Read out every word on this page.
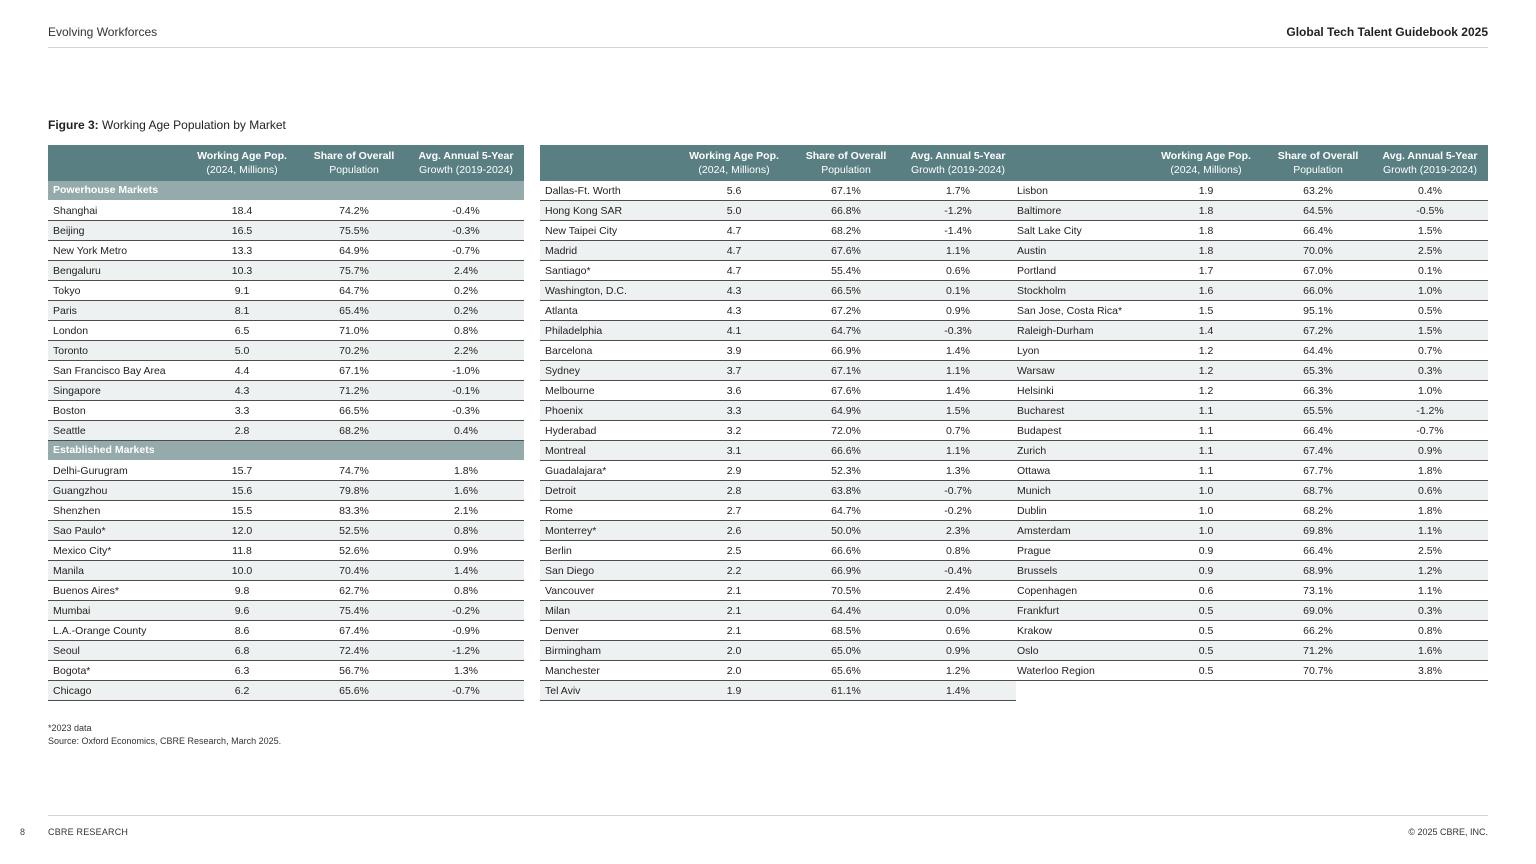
Evolving Workforces	Global Tech Talent Guidebook 2025
Figure 3: Working Age Population by Market
Working Age Pop.
(2024, Millions)
Share of Overall
Population
Avg. Annual 5-Year
Growth (2019-2024)
Powerhouse Markets
Shanghai	18.4	74.2%	-0.4%
Beijing	16.5	75.5%	-0.3%
New York Metro	13.3	64.9%	-0.7%
Bengaluru	10.3	75.7%	2.4%
Tokyo	9.1	64.7%	0.2%
Paris	8.1	65.4%	0.2%
London	6.5	71.0%	0.8%
Toronto	5.0	70.2%	2.2%
San Francisco Bay Area	4.4	67.1%	-1.0%
Singapore	4.3	71.2%	-0.1%
Boston	3.3	66.5%	-0.3%
Seattle	2.8	68.2%	0.4%
Established Markets
Delhi-Gurugram	15.7	74.7%	1.8%
Guangzhou	15.6	79.8%	1.6%
Shenzhen	15.5	83.3%	2.1%
Sao Paulo*	12.0	52.5%	0.8%
Mexico City*	11.8	52.6%	0.9%
Manila	10.0	70.4%	1.4%
Buenos Aires*	9.8	62.7%	0.8%
Mumbai	9.6	75.4%	-0.2%
L.A.-Orange County	8.6	67.4%	-0.9%
Seoul	6.8	72.4%	-1.2%
Bogota*	6.3	56.7%	1.3%
Chicago	6.2	65.6%	-0.7%
Working Age Pop.
(2024, Millions)
Share of Overall
Population
Avg. Annual 5-Year
Growth (2019-2024)
Dallas-Ft. Worth	5.6	67.1%	1.7%
Hong Kong SAR	5.0	66.8%	-1.2%
New Taipei City	4.7	68.2%	-1.4%
Madrid	4.7	67.6%	1.1%
Santiago*	4.7	55.4%	0.6%
Washington, D.C.	4.3	66.5%	0.1%
Atlanta	4.3	67.2%	0.9%
Philadelphia	4.1	64.7%	-0.3%
Barcelona	3.9	66.9%	1.4%
Sydney	3.7	67.1%	1.1%
Melbourne	3.6	67.6%	1.4%
Phoenix	3.3	64.9%	1.5%
Hyderabad	3.2	72.0%	0.7%
Montreal	3.1	66.6%	1.1%
Guadalajara*	2.9	52.3%	1.3%
Detroit	2.8	63.8%	-0.7%
Rome	2.7	64.7%	-0.2%
Monterrey*	2.6	50.0%	2.3%
Berlin	2.5	66.6%	0.8%
San Diego	2.2	66.9%	-0.4%
Vancouver	2.1	70.5%	2.4%
Milan	2.1	64.4%	0.0%
Denver	2.1	68.5%	0.6%
Birmingham	2.0	65.0%	0.9%
Manchester	2.0	65.6%	1.2%
Tel Aviv	1.9	61.1%	1.4%
Working Age Pop.
(2024, Millions)
Share of Overall
Population
Avg. Annual 5-Year
Growth (2019-2024)
Lisbon	1.9	63.2%	0.4%
Baltimore	1.8	64.5%	-0.5%
Salt Lake City	1.8	66.4%	1.5%
Austin	1.8	70.0%	2.5%
Portland	1.7	67.0%	0.1%
Stockholm	1.6	66.0%	1.0%
San Jose, Costa Rica*	1.5	95.1%	0.5%
Raleigh-Durham	1.4	67.2%	1.5%
Lyon	1.2	64.4%	0.7%
Warsaw	1.2	65.3%	0.3%
Helsinki	1.2	66.3%	1.0%
Bucharest	1.1	65.5%	-1.2%
Budapest	1.1	66.4%	-0.7%
Zurich	1.1	67.4%	0.9%
Ottawa	1.1	67.7%	1.8%
Munich	1.0	68.7%	0.6%
Dublin	1.0	68.2%	1.8%
Amsterdam	1.0	69.8%	1.1%
Prague	0.9	66.4%	2.5%
Brussels	0.9	68.9%	1.2%
Copenhagen	0.6	73.1%	1.1%
Frankfurt	0.5	69.0%	0.3%
Krakow	0.5	66.2%	0.8%
Oslo	0.5	71.2%	1.6%
Waterloo Region	0.5	70.7%	3.8%
*2023 data
Source: Oxford Economics, CBRE Research, March 2025.
8	CBRE RESEARCH	© 2025 CBRE, INC.
